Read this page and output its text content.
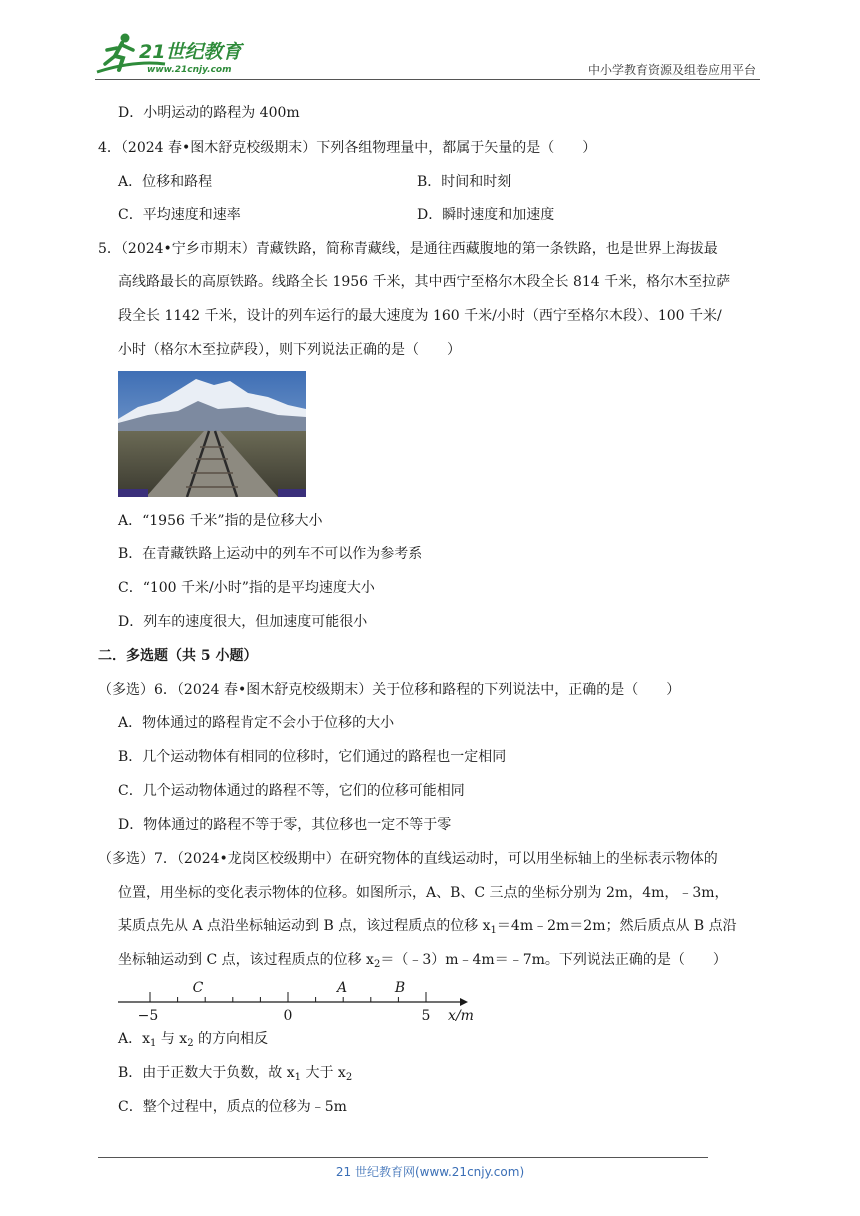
21世纪教育
www.21cnjy.com	中小学教育资源及组卷应用平台
D．小明运动的路程为 400m
4．（2024 春•图木舒克校级期末）下列各组物理量中，都属于矢量的是（　　）
A．位移和路程	B．时间和时刻
C．平均速度和速率	D．瞬时速度和加速度
5．（2024•宁乡市期末）青藏铁路，简称青藏线，是通往西藏腹地的第一条铁路，也是世界上海拔最
高线路最长的高原铁路。线路全长 1956 千米，其中西宁至格尔木段全长 814 千米，格尔木至拉萨
段全长 1142 千米，设计的列车运行的最大速度为 160 千米/小时（西宁至格尔木段）、100 千米/
小时（格尔木至拉萨段），则下列说法正确的是（　　）
A．“1956 千米”指的是位移大小
B．在青藏铁路上运动中的列车不可以作为参考系
C．“100 千米/小时”指的是平均速度大小
D．列车的速度很大，但加速度可能很小
二．多选题（共 5 小题）
（多选）6．（2024 春•图木舒克校级期末）关于位移和路程的下列说法中，正确的是（　　）
A．物体通过的路程肯定不会小于位移的大小
B．几个运动物体有相同的位移时，它们通过的路程也一定相同
C．几个运动物体通过的路程不等，它们的位移可能相同
D．物体通过的路程不等于零，其位移也一定不等于零
（多选）7．（2024•龙岗区校级期中）在研究物体的直线运动时，可以用坐标轴上的坐标表示物体的
位置，用坐标的变化表示物体的位移。如图所示，A、B、C 三点的坐标分别为 2m，4m，﹣3m，
某质点先从 A 点沿坐标轴运动到 B 点，该过程质点的位移 $x_1=4m﹣2m=2m$；然后质点从 B 点沿
坐标轴运动到 C 点，该过程质点的位移 $x_2=(﹣3)m﹣4m=﹣7m$。下列说法正确的是（　　）
C	A	B
−5	0	5 x/m
A．$x_1$ 与 $x_2$ 的方向相反
B．由于正数大于负数，故 $x_1$ 大于 $x_2$
C．整个过程中，质点的位移为﹣5m
21 世纪教育网(www.21cnjy.com)
